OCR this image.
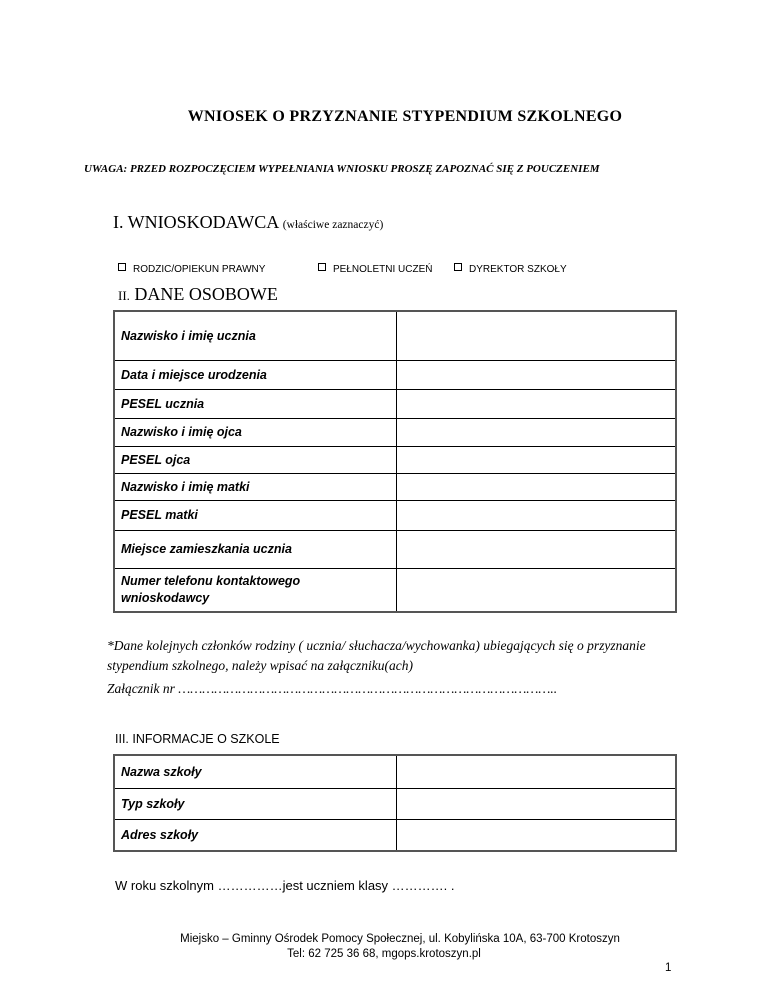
WNIOSEK O PRZYZNANIE STYPENDIUM SZKOLNEGO
UWAGA: PRZED ROZPOCZĘCIEM WYPEŁNIANIA WNIOSKU PROSZĘ ZAPOZNAĆ SIĘ Z POUCZENIEM
I. WNIOSKODAWCA (właściwe zaznaczyć)
RODZIC/OPIEKUN PRAWNY	PEŁNOLETNI UCZEŃ	DYREKTOR SZKOŁY
II. DANE OSOBOWE
Nazwisko i imię ucznia	
Data i miejsce urodzenia	
PESEL ucznia	
Nazwisko i imię ojca	
PESEL ojca	
Nazwisko i imię matki	
PESEL matki	
Miejsce zamieszkania ucznia	
Numer telefonu kontaktowego wnioskodawcy	
*Dane kolejnych członków rodziny ( ucznia/ słuchacza/wychowanka) ubiegających się o przyznanie stypendium szkolnego, należy wpisać na załączniku(ach)
Załącznik nr …………………………………………………………………………………..
III. INFORMACJE O SZKOLE
Nazwa szkoły	
Typ szkoły	
Adres szkoły	
W roku szkolnym ……………jest uczniem klasy …………. .
Miejsko – Gminny Ośrodek Pomocy Społecznej, ul. Kobylińska 10A, 63-700 Krotoszyn
Tel: 62 725 36 68, mgops.krotoszyn.pl
1
